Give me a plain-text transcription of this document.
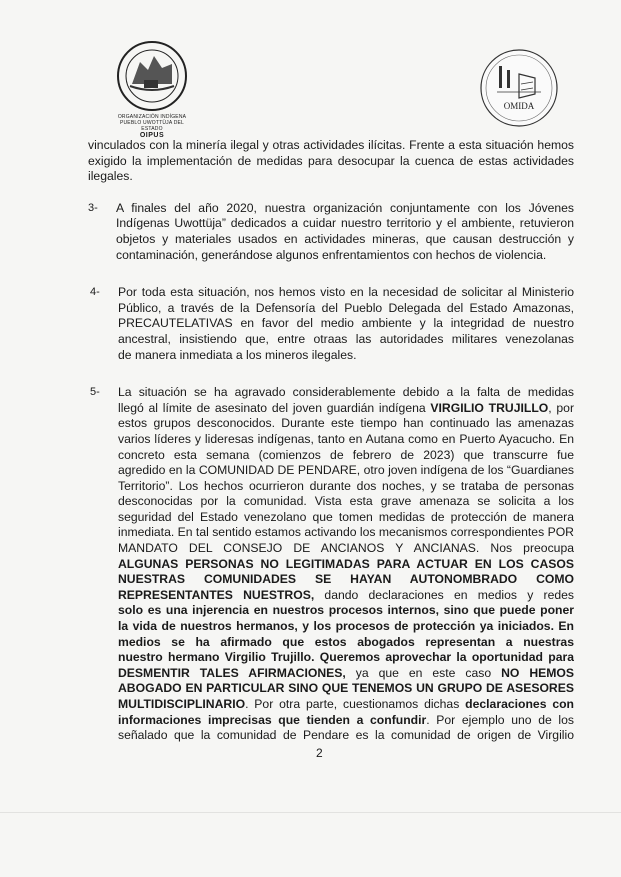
ORGANIZACIÓN INDÍGENA
PUEBLO UWOTTÜJA DEL ESTADO
OIPUS
OMIDA
vinculados con la minería ilegal y otras actividades ilícitas. Frente a esta situación hemos
exigido la implementación de medidas para desocupar la cuenca de estas actividades
ilegales.
3- A finales del año 2020, nuestra organización conjuntamente con los Jóvenes
Indígenas Uwottüja” dedicados a cuidar nuestro territorio y el ambiente, retuvieron
objetos y materiales usados en actividades mineras, que causan destrucción y
contaminación, generándose algunos enfrentamientos con hechos de violencia.
4- Por toda esta situación, nos hemos visto en la necesidad de solicitar al Ministerio
Público, a través de la Defensoría del Pueblo Delegada del Estado Amazonas,
PRECAUTELATIVAS en favor del medio ambiente y la integridad de nuestro
ancestral, insistiendo que, entre otraas las autoridades militares venezolanas
de manera inmediata a los mineros ilegales.
5- La situación se ha agravado considerablemente debido a la falta de medidas
llegó al límite de asesinato del joven guardián indígena VIRGILIO TRUJILLO, por
estos grupos desconocidos. Durante este tiempo han continuado las amenazas
varios líderes y lideresas indígenas, tanto en Autana como en Puerto Ayacucho. En
concreto esta semana (comienzos de febrero de 2023) que transcurre fue
agredido en la COMUNIDAD DE PENDARE, otro joven indígena de los “Guardianes
Territorio”. Los hechos ocurrieron durante dos noches, y se trataba de personas
desconocidas por la comunidad. Vista esta grave amenaza se solicita a los
seguridad del Estado venezolano que tomen medidas de protección de manera
inmediata. En tal sentido estamos activando los mecanismos correspondientes POR
MANDATO DEL CONSEJO DE ANCIANOS Y ANCIANAS. Nos preocupa
ALGUNAS PERSONAS NO LEGITIMADAS PARA ACTUAR EN LOS CASOS
NUESTRAS COMUNIDADES SE HAYAN AUTONOMBRADO COMO
REPRESENTANTES NUESTROS, dando declaraciones en medios y redes
solo es una injerencia en nuestros procesos internos, sino que puede poner
la vida de nuestros hermanos, y los procesos de protección ya iniciados. En
medios se ha afirmado que estos abogados representan a nuestras
nuestro hermano Virgilio Trujillo. Queremos aprovechar la oportunidad para
DESMENTIR TALES AFIRMACIONES, ya que en este caso NO HEMOS
ABOGADO EN PARTICULAR SINO QUE TENEMOS UN GRUPO DE ASESORES
MULTIDISCIPLINARIO. Por otra parte, cuestionamos dichas declaraciones con
informaciones imprecisas que tienden a confundir. Por ejemplo uno de los
señalado que la comunidad de Pendare es la comunidad de origen de Virgilio
2
